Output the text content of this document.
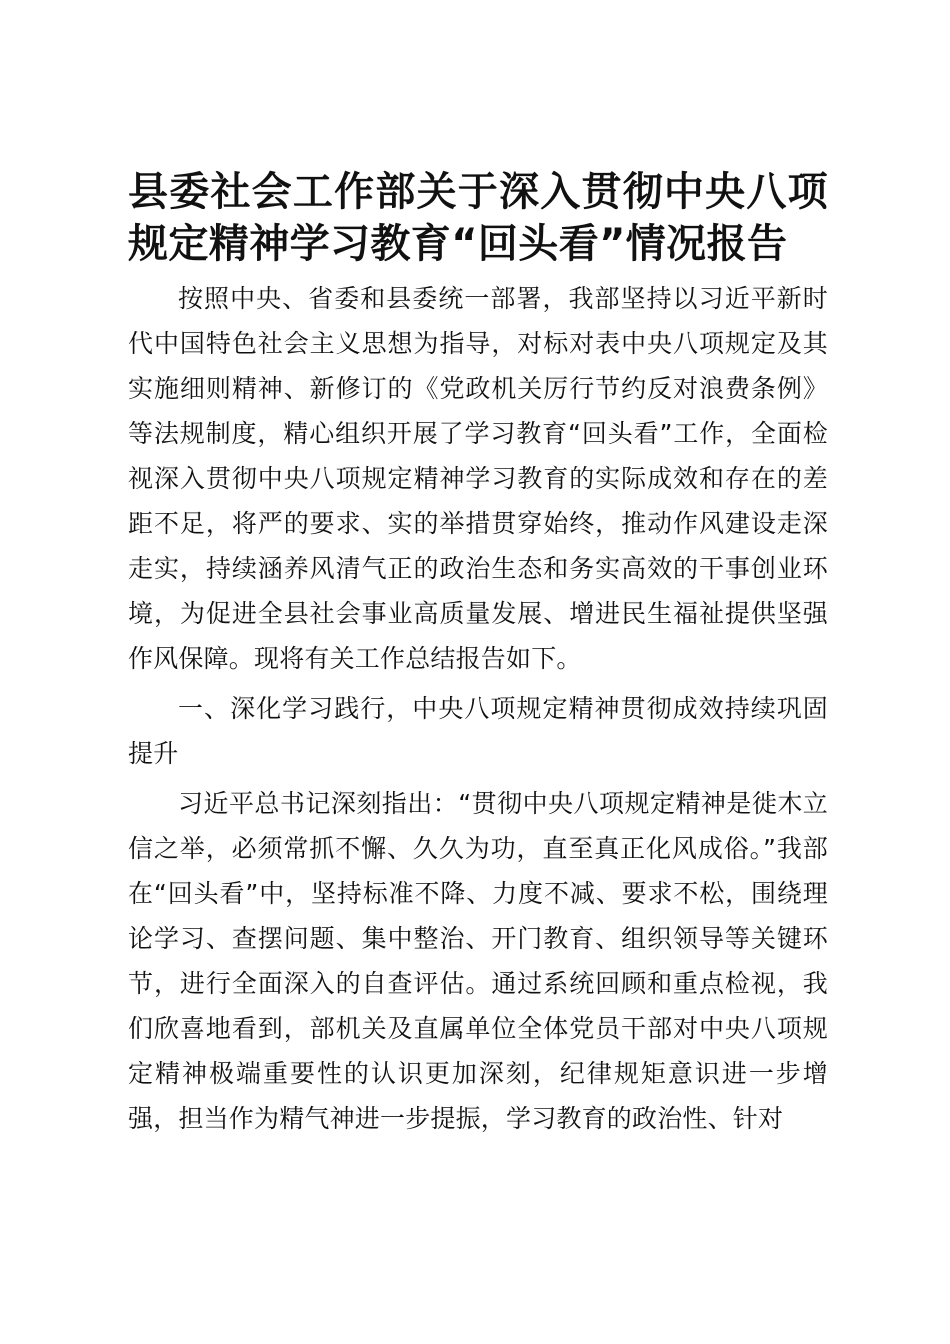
县委社会工作部关于深入贯彻中央八项规定精神学习教育“回头看”情况报告

按照中央、省委和县委统一部署，我部坚持以习近平新时代中国特色社会主义思想为指导，对标对表中央八项规定及其实施细则精神、新修订的《党政机关厉行节约反对浪费条例》等法规制度，精心组织开展了学习教育“回头看”工作，全面检视深入贯彻中央八项规定精神学习教育的实际成效和存在的差距不足，将严的要求、实的举措贯穿始终，推动作风建设走深走实，持续涵养风清气正的政治生态和务实高效的干事创业环境，为促进全县社会事业高质量发展、增进民生福祉提供坚强作风保障。现将有关工作总结报告如下。

一、深化学习践行，中央八项规定精神贯彻成效持续巩固提升

习近平总书记深刻指出：“贯彻中央八项规定精神是徙木立信之举，必须常抓不懈、久久为功，直至真正化风成俗。”我部在“回头看”中，坚持标准不降、力度不减、要求不松，围绕理论学习、查摆问题、集中整治、开门教育、组织领导等关键环节，进行全面深入的自查评估。通过系统回顾和重点检视，我们欣喜地看到，部机关及直属单位全体党员干部对中央八项规定精神极端重要性的认识更加深刻，纪律规矩意识进一步增强，担当作为精气神进一步提振，学习教育的政治性、针对
